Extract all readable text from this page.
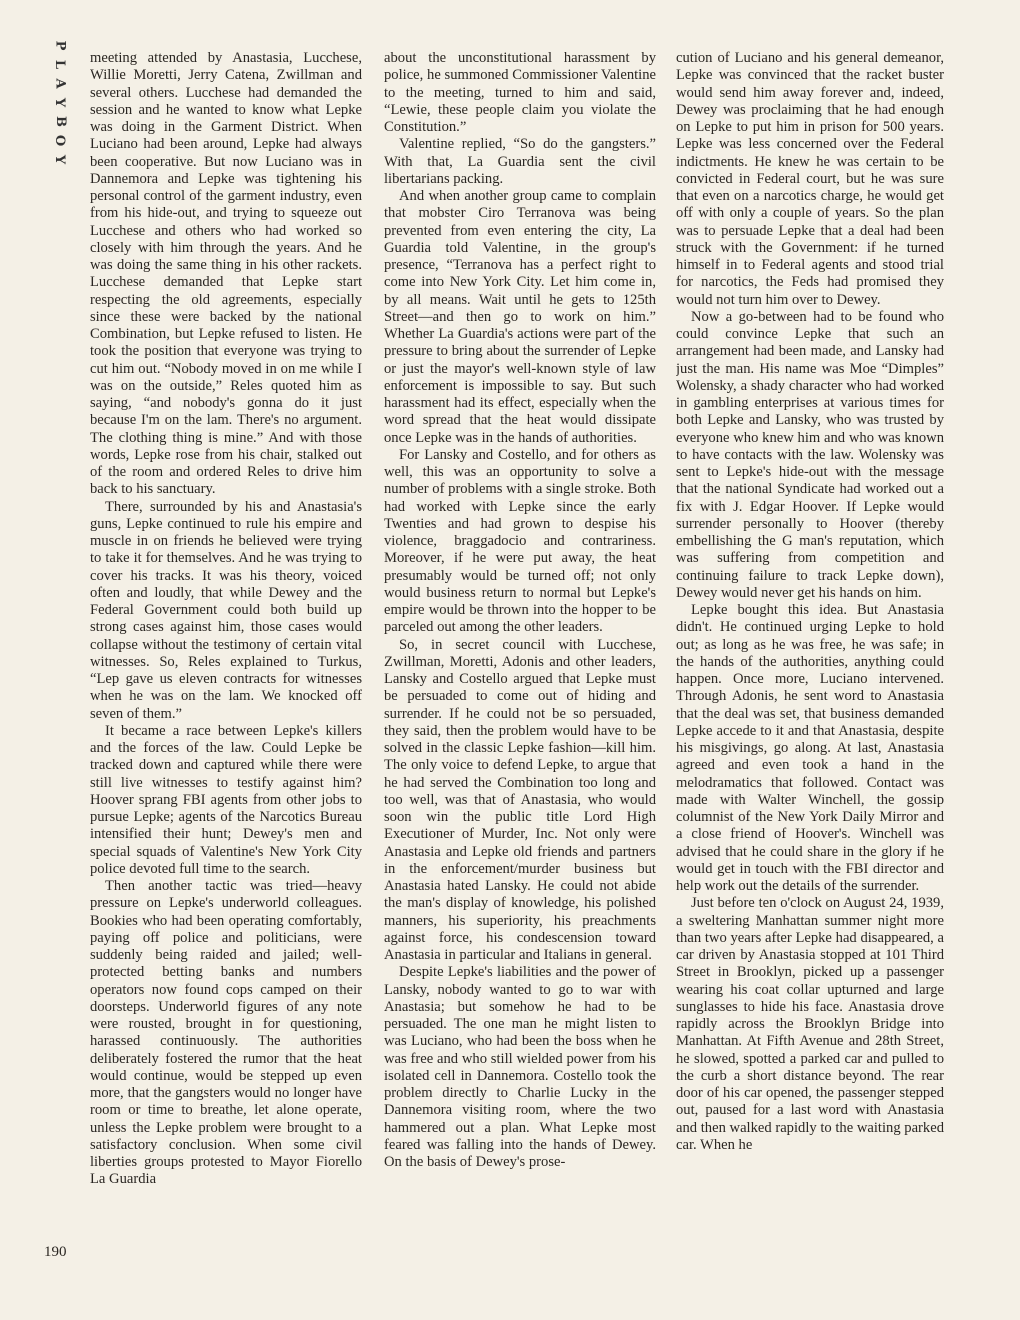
P
L
A
Y
B
O
Y

meeting attended by Anastasia, Lucchese, Willie Moretti, Jerry Catena, Zwillman and several others. Lucchese had demanded the session and he wanted to know what Lepke was doing in the Garment District. When Luciano had been around, Lepke had always been cooperative. But now Luciano was in Dannemora and Lepke was tightening his personal control of the garment industry, even from his hide-out, and trying to squeeze out Lucchese and others who had worked so closely with him through the years. And he was doing the same thing in his other rackets. Lucchese demanded that Lepke start respecting the old agreements, especially since these were backed by the national Combination, but Lepke refused to listen. He took the position that everyone was trying to cut him out. “Nobody moved in on me while I was on the outside,” Reles quoted him as saying, “and nobody's gonna do it just because I'm on the lam. There's no argument. The clothing thing is mine.” And with those words, Lepke rose from his chair, stalked out of the room and ordered Reles to drive him back to his sanctuary.

There, surrounded by his and Anastasia's guns, Lepke continued to rule his empire and muscle in on friends he believed were trying to take it for themselves. And he was trying to cover his tracks. It was his theory, voiced often and loudly, that while Dewey and the Federal Government could both build up strong cases against him, those cases would collapse without the testimony of certain vital witnesses. So, Reles explained to Turkus, “Lep gave us eleven contracts for witnesses when he was on the lam. We knocked off seven of them.”

It became a race between Lepke's killers and the forces of the law. Could Lepke be tracked down and captured while there were still live witnesses to testify against him? Hoover sprang FBI agents from other jobs to pursue Lepke; agents of the Narcotics Bureau intensified their hunt; Dewey's men and special squads of Valentine's New York City police devoted full time to the search.

Then another tactic was tried—heavy pressure on Lepke's underworld colleagues. Bookies who had been operating comfortably, paying off police and politicians, were suddenly being raided and jailed; well-protected betting banks and numbers operators now found cops camped on their doorsteps. Underworld figures of any note were rousted, brought in for questioning, harassed continuously. The authorities deliberately fostered the rumor that the heat would continue, would be stepped up even more, that the gangsters would no longer have room or time to breathe, let alone operate, unless the Lepke problem were brought to a satisfactory conclusion. When some civil liberties groups protested to Mayor Fiorello La Guardia

about the unconstitutional harassment by police, he summoned Commissioner Valentine to the meeting, turned to him and said, “Lewie, these people claim you violate the Constitution.”

Valentine replied, “So do the gangsters.” With that, La Guardia sent the civil libertarians packing.

And when another group came to complain that mobster Ciro Terranova was being prevented from even entering the city, La Guardia told Valentine, in the group's presence, “Terranova has a perfect right to come into New York City. Let him come in, by all means. Wait until he gets to 125th Street—and then go to work on him.” Whether La Guardia's actions were part of the pressure to bring about the surrender of Lepke or just the mayor's well-known style of law enforcement is impossible to say. But such harassment had its effect, especially when the word spread that the heat would dissipate once Lepke was in the hands of authorities.

For Lansky and Costello, and for others as well, this was an opportunity to solve a number of problems with a single stroke. Both had worked with Lepke since the early Twenties and had grown to despise his violence, braggadocio and contrariness. Moreover, if he were put away, the heat presumably would be turned off; not only would business return to normal but Lepke's empire would be thrown into the hopper to be parceled out among the other leaders.

So, in secret council with Lucchese, Zwillman, Moretti, Adonis and other leaders, Lansky and Costello argued that Lepke must be persuaded to come out of hiding and surrender. If he could not be so persuaded, they said, then the problem would have to be solved in the classic Lepke fashion—kill him. The only voice to defend Lepke, to argue that he had served the Combination too long and too well, was that of Anastasia, who would soon win the public title Lord High Executioner of Murder, Inc. Not only were Anastasia and Lepke old friends and partners in the enforcement/murder business but Anastasia hated Lansky. He could not abide the man's display of knowledge, his polished manners, his superiority, his preachments against force, his condescension toward Anastasia in particular and Italians in general.

Despite Lepke's liabilities and the power of Lansky, nobody wanted to go to war with Anastasia; but somehow he had to be persuaded. The one man he might listen to was Luciano, who had been the boss when he was free and who still wielded power from his isolated cell in Dannemora. Costello took the problem directly to Charlie Lucky in the Dannemora visiting room, where the two hammered out a plan. What Lepke most feared was falling into the hands of Dewey. On the basis of Dewey's prose-

cution of Luciano and his general demeanor, Lepke was convinced that the racket buster would send him away forever and, indeed, Dewey was proclaiming that he had enough on Lepke to put him in prison for 500 years. Lepke was less concerned over the Federal indictments. He knew he was certain to be convicted in Federal court, but he was sure that even on a narcotics charge, he would get off with only a couple of years. So the plan was to persuade Lepke that a deal had been struck with the Government: if he turned himself in to Federal agents and stood trial for narcotics, the Feds had promised they would not turn him over to Dewey.

Now a go-between had to be found who could convince Lepke that such an arrangement had been made, and Lansky had just the man. His name was Moe “Dimples” Wolensky, a shady character who had worked in gambling enterprises at various times for both Lepke and Lansky, who was trusted by everyone who knew him and who was known to have contacts with the law. Wolensky was sent to Lepke's hide-out with the message that the national Syndicate had worked out a fix with J. Edgar Hoover. If Lepke would surrender personally to Hoover (thereby embellishing the G man's reputation, which was suffering from competition and continuing failure to track Lepke down), Dewey would never get his hands on him.

Lepke bought this idea. But Anastasia didn't. He continued urging Lepke to hold out; as long as he was free, he was safe; in the hands of the authorities, anything could happen. Once more, Luciano intervened. Through Adonis, he sent word to Anastasia that the deal was set, that business demanded Lepke accede to it and that Anastasia, despite his misgivings, go along. At last, Anastasia agreed and even took a hand in the melodramatics that followed. Contact was made with Walter Winchell, the gossip columnist of the New York Daily Mirror and a close friend of Hoover's. Winchell was advised that he could share in the glory if he would get in touch with the FBI director and help work out the details of the surrender.

Just before ten o'clock on August 24, 1939, a sweltering Manhattan summer night more than two years after Lepke had disappeared, a car driven by Anastasia stopped at 101 Third Street in Brooklyn, picked up a passenger wearing his coat collar upturned and large sunglasses to hide his face. Anastasia drove rapidly across the Brooklyn Bridge into Manhattan. At Fifth Avenue and 28th Street, he slowed, spotted a parked car and pulled to the curb a short distance beyond. The rear door of his car opened, the passenger stepped out, paused for a last word with Anastasia and then walked rapidly to the waiting parked car. When he

190
